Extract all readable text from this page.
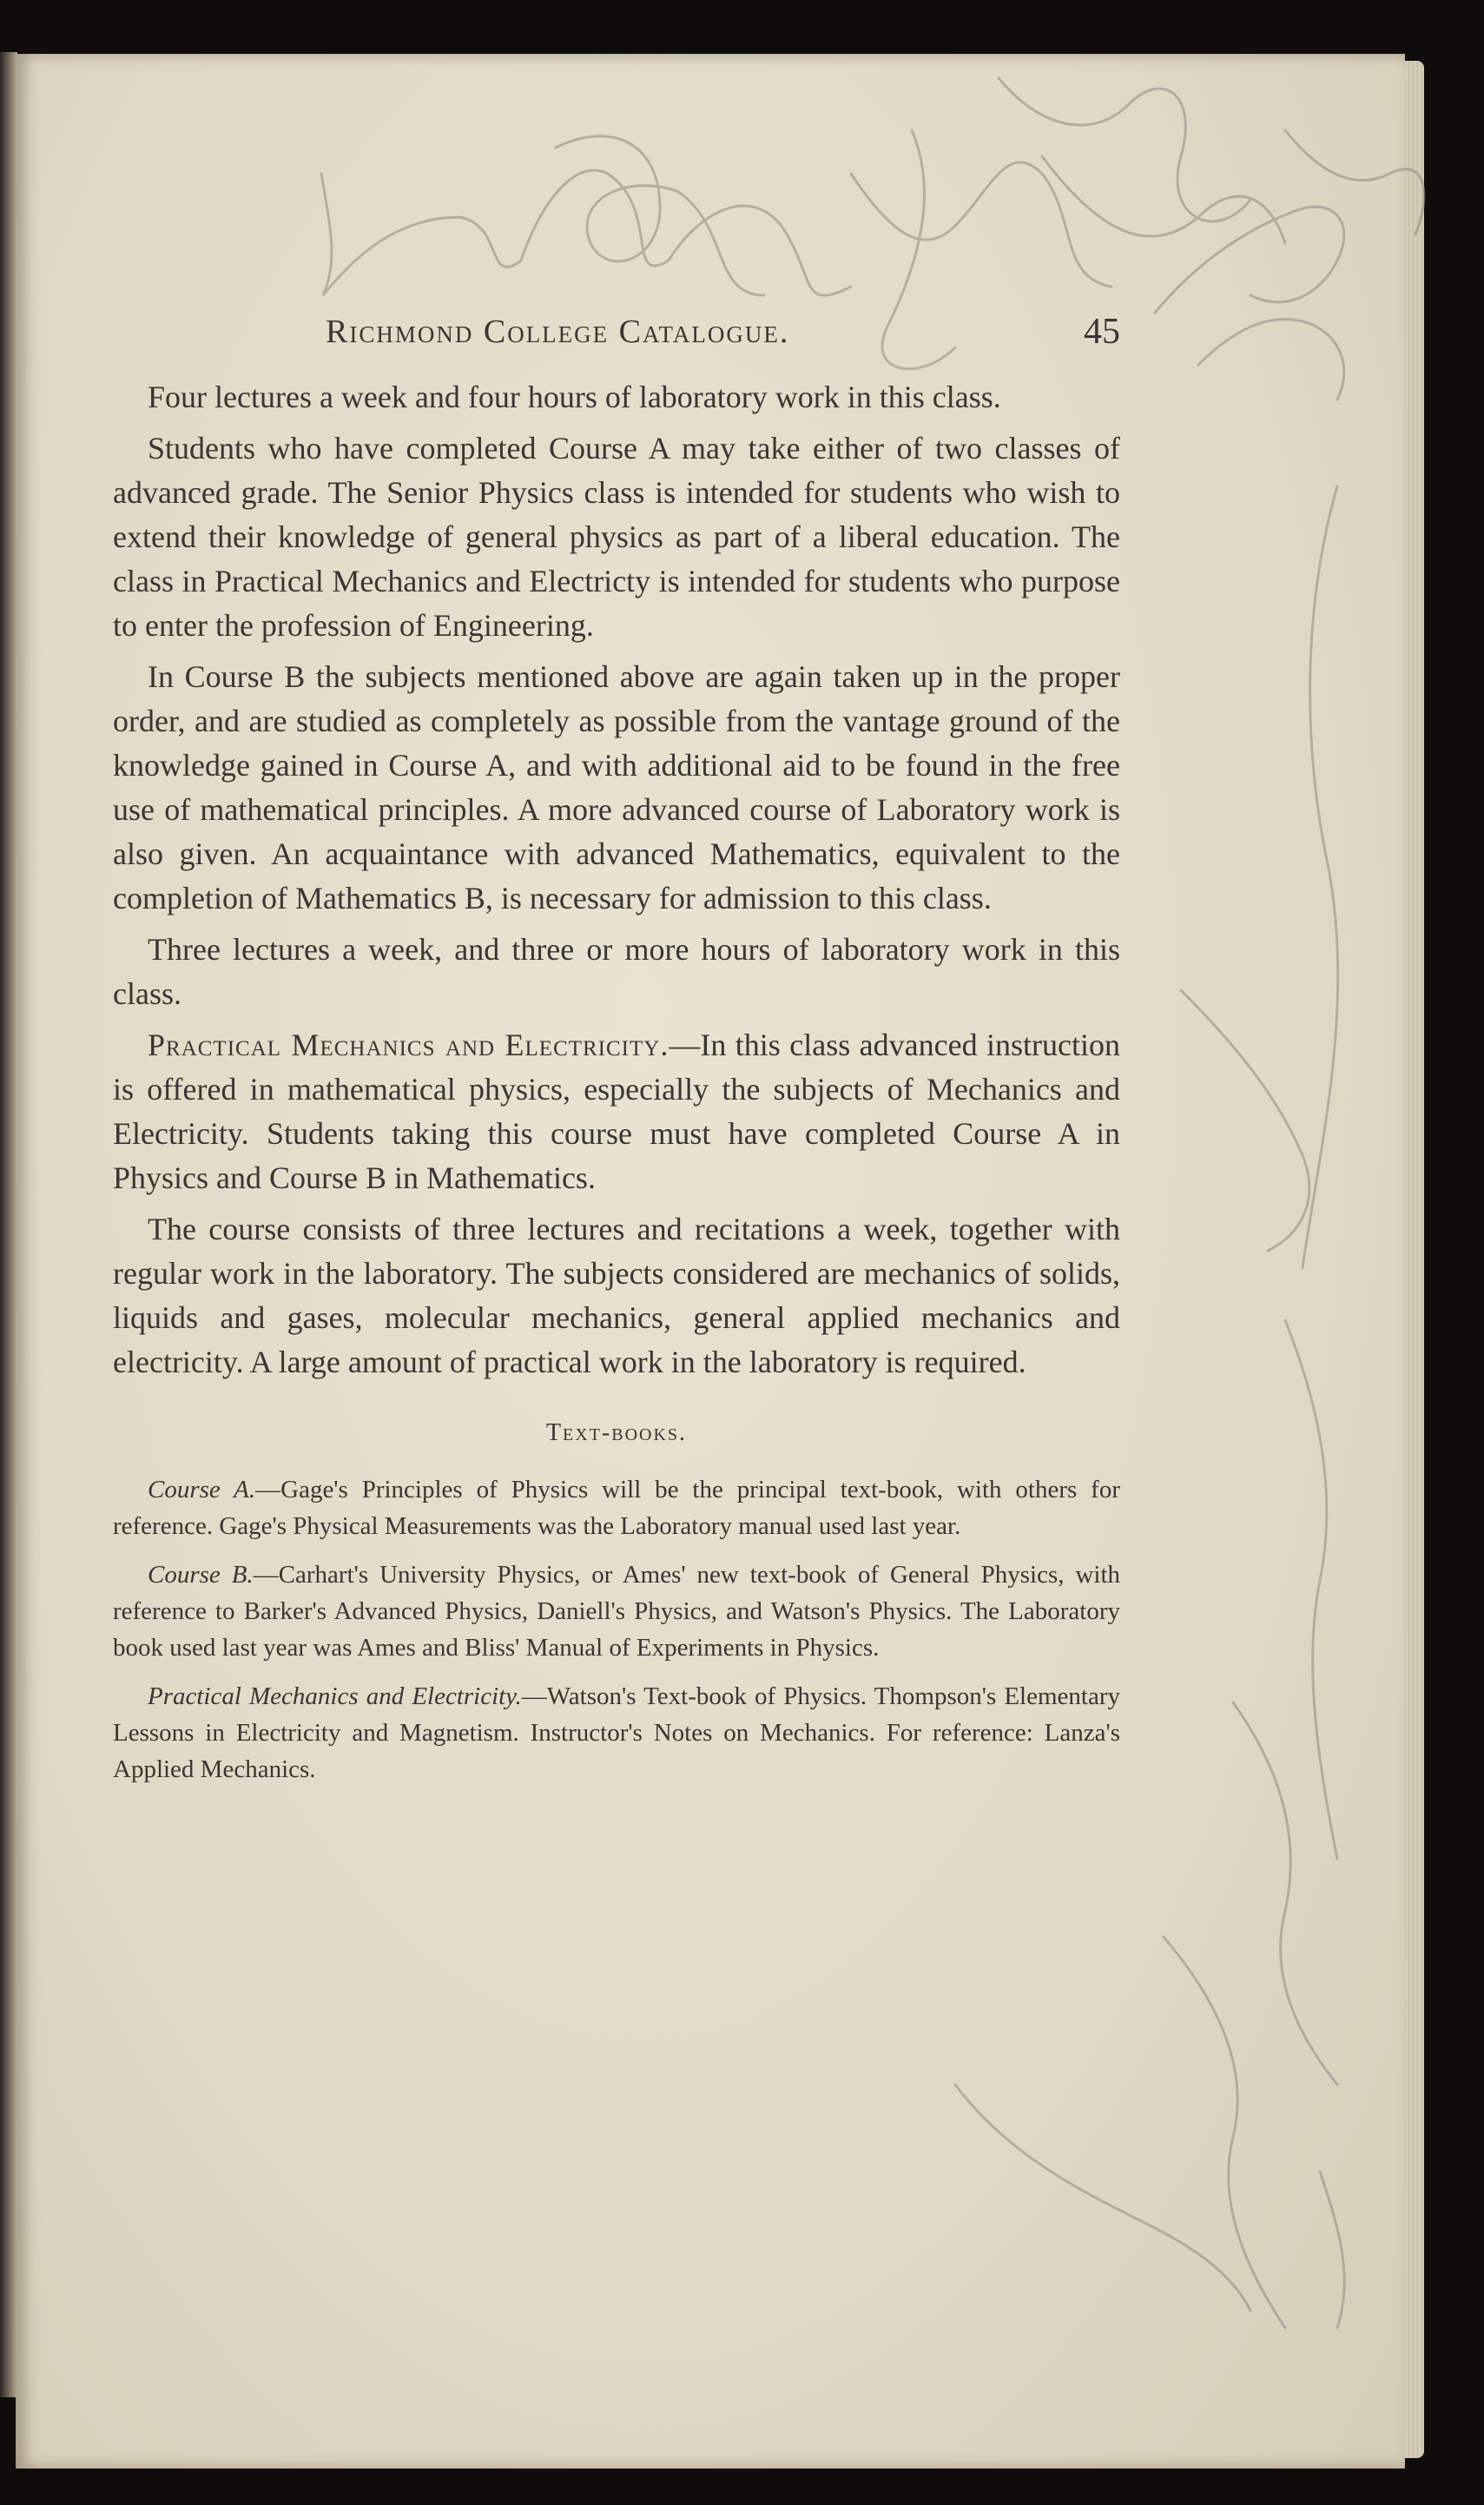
Richmond College Catalogue.	45

Four lectures a week and four hours of laboratory work in this class.

Students who have completed Course A may take either of two classes of advanced grade. The Senior Physics class is intended for students who wish to extend their knowledge of general physics as part of a liberal education. The class in Practical Mechanics and Electricty is intended for students who purpose to enter the profession of Engineering.

In Course B the subjects mentioned above are again taken up in the proper order, and are studied as completely as possible from the vantage ground of the knowledge gained in Course A, and with additional aid to be found in the free use of mathematical principles. A more advanced course of Laboratory work is also given. An acquaintance with advanced Mathematics, equivalent to the completion of Mathematics B, is necessary for admission to this class.

Three lectures a week, and three or more hours of laboratory work in this class.

Practical Mechanics and Electricity.—In this class advanced instruction is offered in mathematical physics, especially the subjects of Mechanics and Electricity. Students taking this course must have completed Course A in Physics and Course B in Mathematics.

The course consists of three lectures and recitations a week, together with regular work in the laboratory. The subjects considered are mechanics of solids, liquids and gases, molecular mechanics, general applied mechanics and electricity. A large amount of practical work in the laboratory is required.

Text-books.

Course A.—Gage's Principles of Physics will be the principal text-book, with others for reference. Gage's Physical Measurements was the Laboratory manual used last year.

Course B.—Carhart's University Physics, or Ames' new text-book of General Physics, with reference to Barker's Advanced Physics, Daniell's Physics, and Watson's Physics. The Laboratory book used last year was Ames and Bliss' Manual of Experiments in Physics.

Practical Mechanics and Electricity.—Watson's Text-book of Physics. Thompson's Elementary Lessons in Electricity and Magnetism. Instructor's Notes on Mechanics. For reference: Lanza's Applied Mechanics.
